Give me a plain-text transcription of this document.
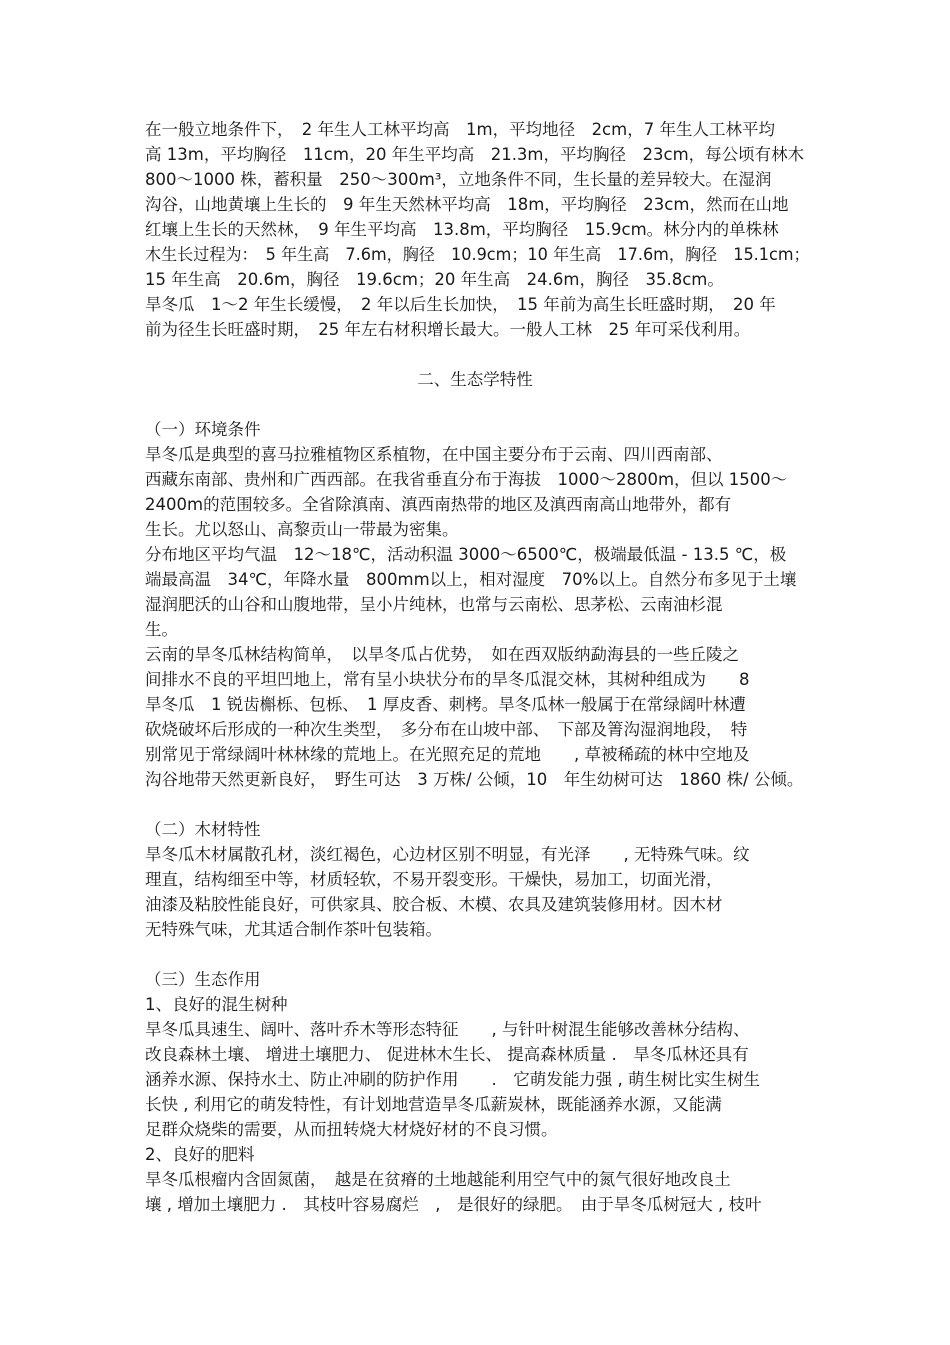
在一般立地条件下，　2 年生人工林平均高　1m，平均地径　2cm，7 年生人工林平均
高 13m，平均胸径　11cm，20 年生平均高　21.3m，平均胸径　23cm，每公顷有林木
800～1000 株，蓄积量　250～300m³，立地条件不同，生长量的差异较大。在湿润
沟谷，山地黄壤上生长的　9 年生天然林平均高　18m，平均胸径　23cm，然而在山地
红壤上生长的天然林，　9 年生平均高　13.8m，平均胸径　15.9cm。林分内的单株林
木生长过程为：　5 年生高　7.6m，胸径　10.9cm；10 年生高　17.6m，胸径　15.1cm；
15 年生高　20.6m，胸径　19.6cm；20 年生高　24.6m，胸径　35.8cm。
旱冬瓜　1～2 年生长缓慢，　2 年以后生长加快，　15 年前为高生长旺盛时期，　20 年
前为径生长旺盛时期，　25 年左右材积增长最大。一般人工林　25 年可采伐利用。
二、生态学特性
（一）环境条件
旱冬瓜是典型的喜马拉雅植物区系植物，在中国主要分布于云南、四川西南部、
西藏东南部、贵州和广西西部。在我省垂直分布于海拔　1000～2800m，但以 1500～
2400m的范围较多。全省除滇南、滇西南热带的地区及滇西南高山地带外，都有
生长。尤以怒山、高黎贡山一带最为密集。
分布地区平均气温　12～18℃，活动积温 3000～6500℃，极端最低温 - 13.5 ℃，极
端最高温　34℃，年降水量　800mm以上，相对湿度　70%以上。自然分布多见于土壤
湿润肥沃的山谷和山腹地带，呈小片纯林，也常与云南松、思茅松、云南油杉混
生。
云南的旱冬瓜林结构简单，　以旱冬瓜占优势，　如在西双版纳勐海县的一些丘陵之
间排水不良的平坦凹地上，常有呈小块状分布的旱冬瓜混交林，其树种组成为　　8
旱冬瓜　1 锐齿槲栎、包栎、　1 厚皮香、刺栲。旱冬瓜林一般属于在常绿阔叶林遭
砍烧破坏后形成的一种次生类型，　多分布在山坡中部、　下部及箐沟湿润地段，　特
别常见于常绿阔叶林林缘的荒地上。在光照充足的荒地　　, 草被稀疏的林中空地及
沟谷地带天然更新良好，　野生可达　3 万株/ 公倾，10　年生幼树可达　1860 株/ 公倾。
（二）木材特性
旱冬瓜木材属散孔材，淡红褐色，心边材区别不明显，有光泽　　, 无特殊气味。纹
理直，结构细至中等，材质轻软，不易开裂变形。干燥快，易加工，切面光滑，
油漆及粘胶性能良好，可供家具、胶合板、木模、农具及建筑装修用材。因木材
无特殊气味，尤其适合制作茶叶包装箱。
（三）生态作用
1、良好的混生树种
旱冬瓜具速生、阔叶、落叶乔木等形态特征　　, 与针叶树混生能够改善林分结构、
改良森林土壤、 增进土壤肥力、 促进林木生长、 提高森林质量 .　旱冬瓜林还具有
涵养水源、保持水土、防止冲刷的防护作用　　.　它萌发能力强 , 萌生树比实生树生
长快 , 利用它的萌发特性，有计划地营造旱冬瓜薪炭林，既能涵养水源，又能满
足群众烧柴的需要，从而扭转烧大材烧好材的不良习惯。
2、良好的肥料
旱冬瓜根瘤内含固氮菌，　越是在贫瘠的土地越能利用空气中的氮气很好地改良土
壤 , 增加土壤肥力 .　其枝叶容易腐烂　,　是很好的绿肥。　由于旱冬瓜树冠大 , 枝叶
